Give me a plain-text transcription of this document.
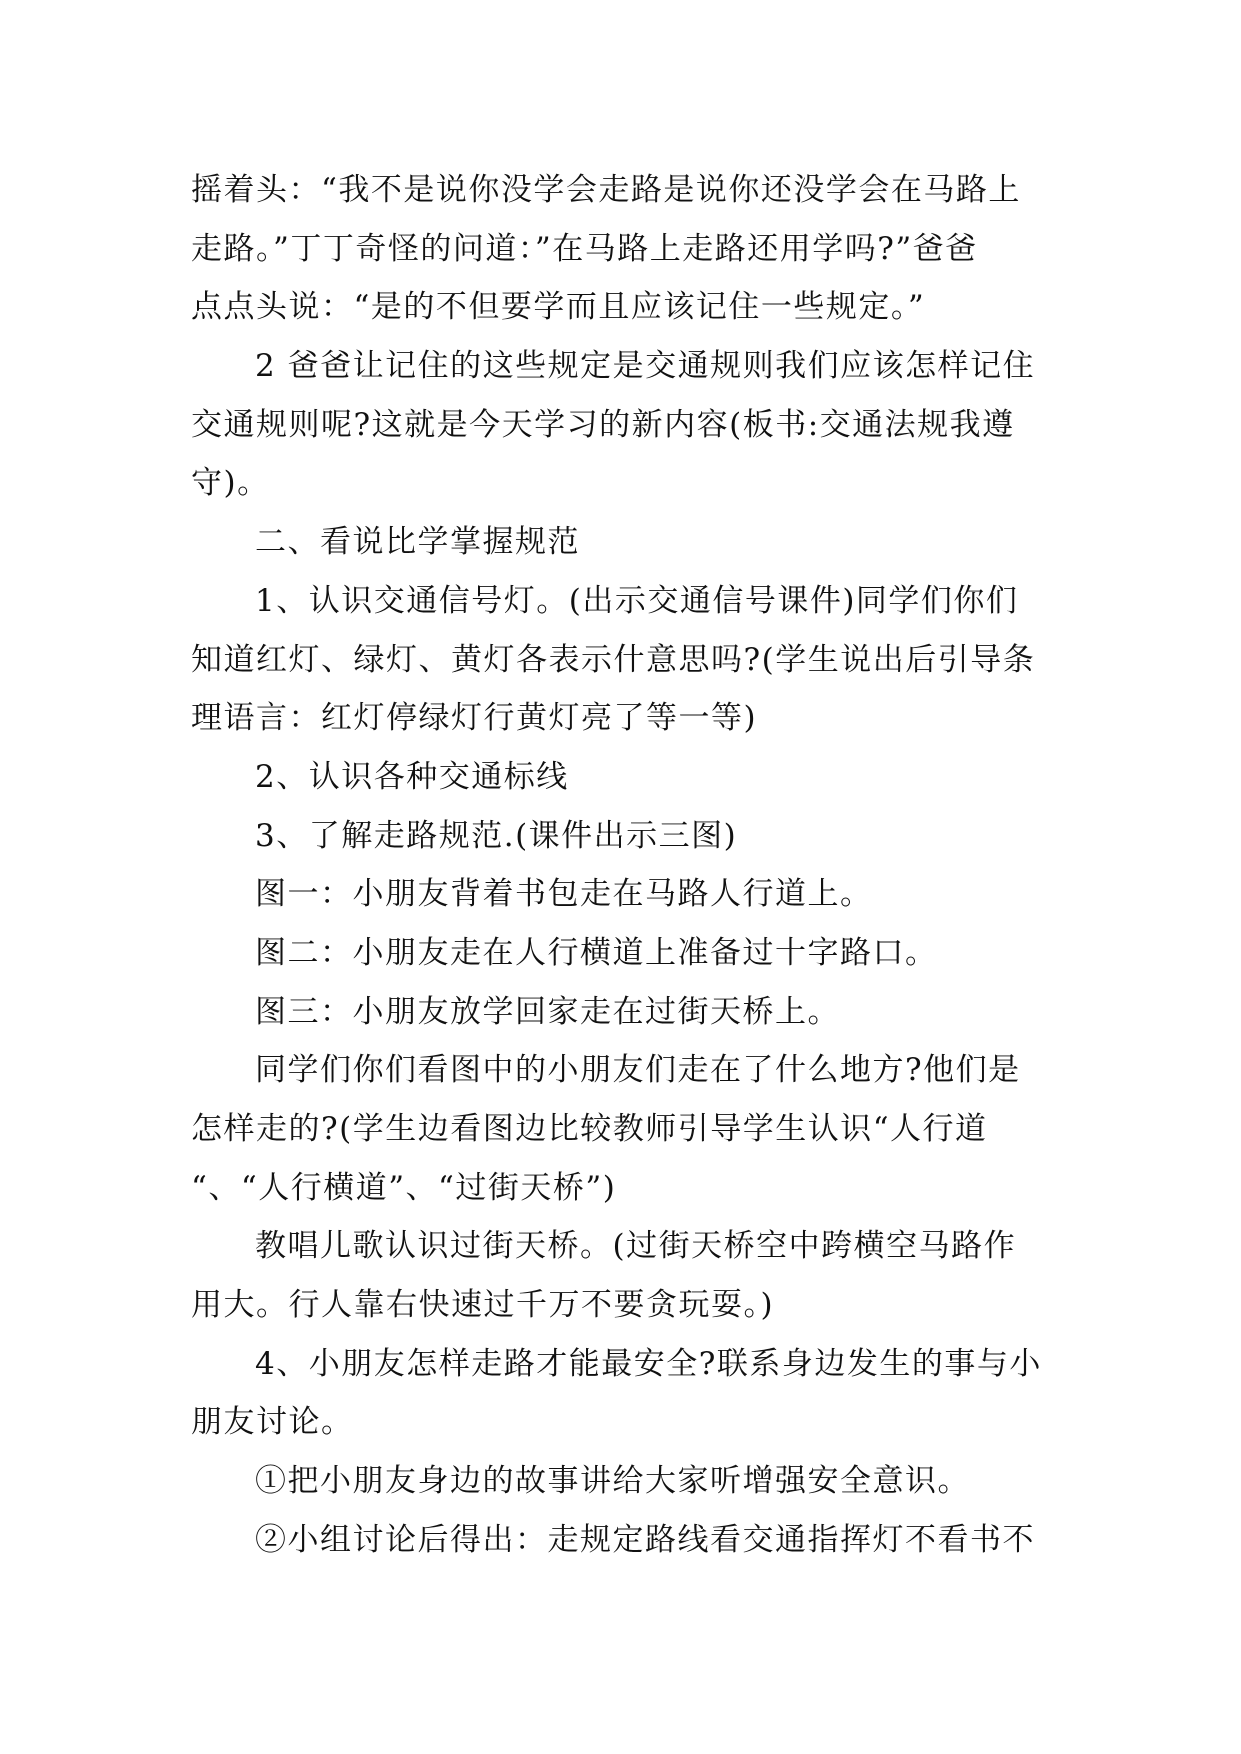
摇着头：“我不是说你没学会走路是说你还没学会在马路上
走路。”丁丁奇怪的问道：”在马路上走路还用学吗?”爸爸
点点头说：“是的不但要学而且应该记住一些规定。”
2 爸爸让记住的这些规定是交通规则我们应该怎样记住
交通规则呢?这就是今天学习的新内容(板书:交通法规我遵
守)。
二、看说比学掌握规范
1、认识交通信号灯。(出示交通信号课件)同学们你们
知道红灯、绿灯、黄灯各表示什意思吗?(学生说出后引导条
理语言：红灯停绿灯行黄灯亮了等一等)
2、认识各种交通标线
3、了解走路规范.(课件出示三图)
图一：小朋友背着书包走在马路人行道上。
图二：小朋友走在人行横道上准备过十字路口。
图三：小朋友放学回家走在过街天桥上。
同学们你们看图中的小朋友们走在了什么地方?他们是
怎样走的?(学生边看图边比较教师引导学生认识“人行道
“、“人行横道”、“过街天桥”)
教唱儿歌认识过街天桥。(过街天桥空中跨横空马路作
用大。行人靠右快速过千万不要贪玩耍。)
4、小朋友怎样走路才能最安全?联系身边发生的事与小
朋友讨论。
①把小朋友身边的故事讲给大家听增强安全意识。
②小组讨论后得出：走规定路线看交通指挥灯不看书不
